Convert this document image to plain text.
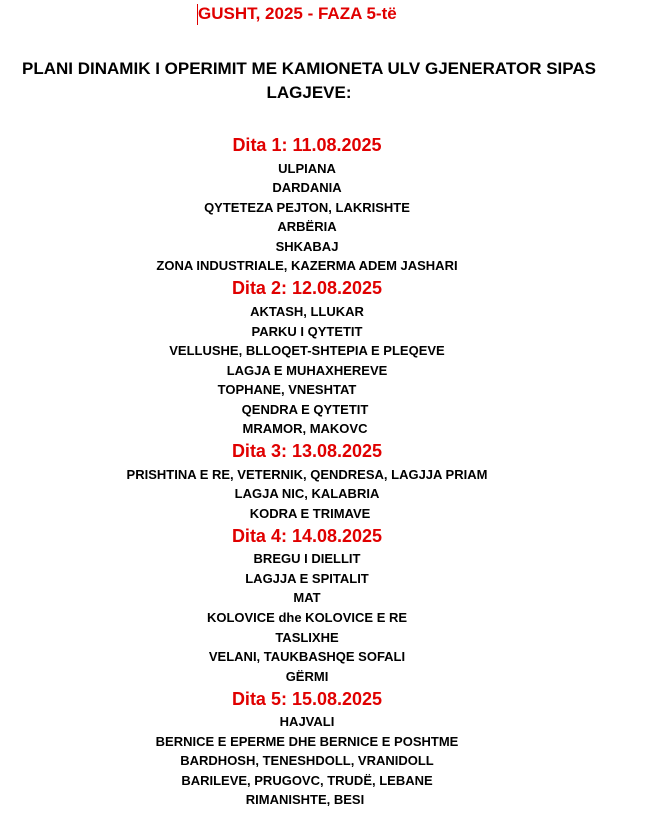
GUSHT, 2025 - FAZA 5-të
PLANI DINAMIK I OPERIMIT ME KAMIONETA ULV GJENERATOR SIPAS
LAGJEVE:
Dita 1: 11.08.2025
ULPIANA
DARDANIA
QYTETEZA PEJTON, LAKRISHTE
ARBËRIA
SHKABAJ
ZONA INDUSTRIALE, KAZERMA ADEM JASHARI
Dita 2: 12.08.2025
AKTASH, LLUKAR
PARKU I QYTETIT
VELLUSHE, BLLOQET-SHTEPIA E PLEQEVE
LAGJA E MUHAXHEREVE
TOPHANE, VNESHTAT
QENDRA E QYTETIT
MRAMOR, MAKOVC
Dita 3: 13.08.2025
PRISHTINA E RE, VETERNIK, QENDRESA, LAGJJA PRIAM
LAGJA NIC, KALABRIA
KODRA E TRIMAVE
Dita 4: 14.08.2025
BREGU I DIELLIT
LAGJJA E SPITALIT
MAT
KOLOVICE dhe KOLOVICE E RE
TASLIXHE
VELANI, TAUKBASHQE SOFALI
GËRMI
Dita 5: 15.08.2025
HAJVALI
BERNICE E EPERME DHE BERNICE E POSHTME
BARDHOSH, TENESHDOLL, VRANIDOLL
BARILEVE, PRUGOVC, TRUDË, LEBANE
RIMANISHTE, BESI
